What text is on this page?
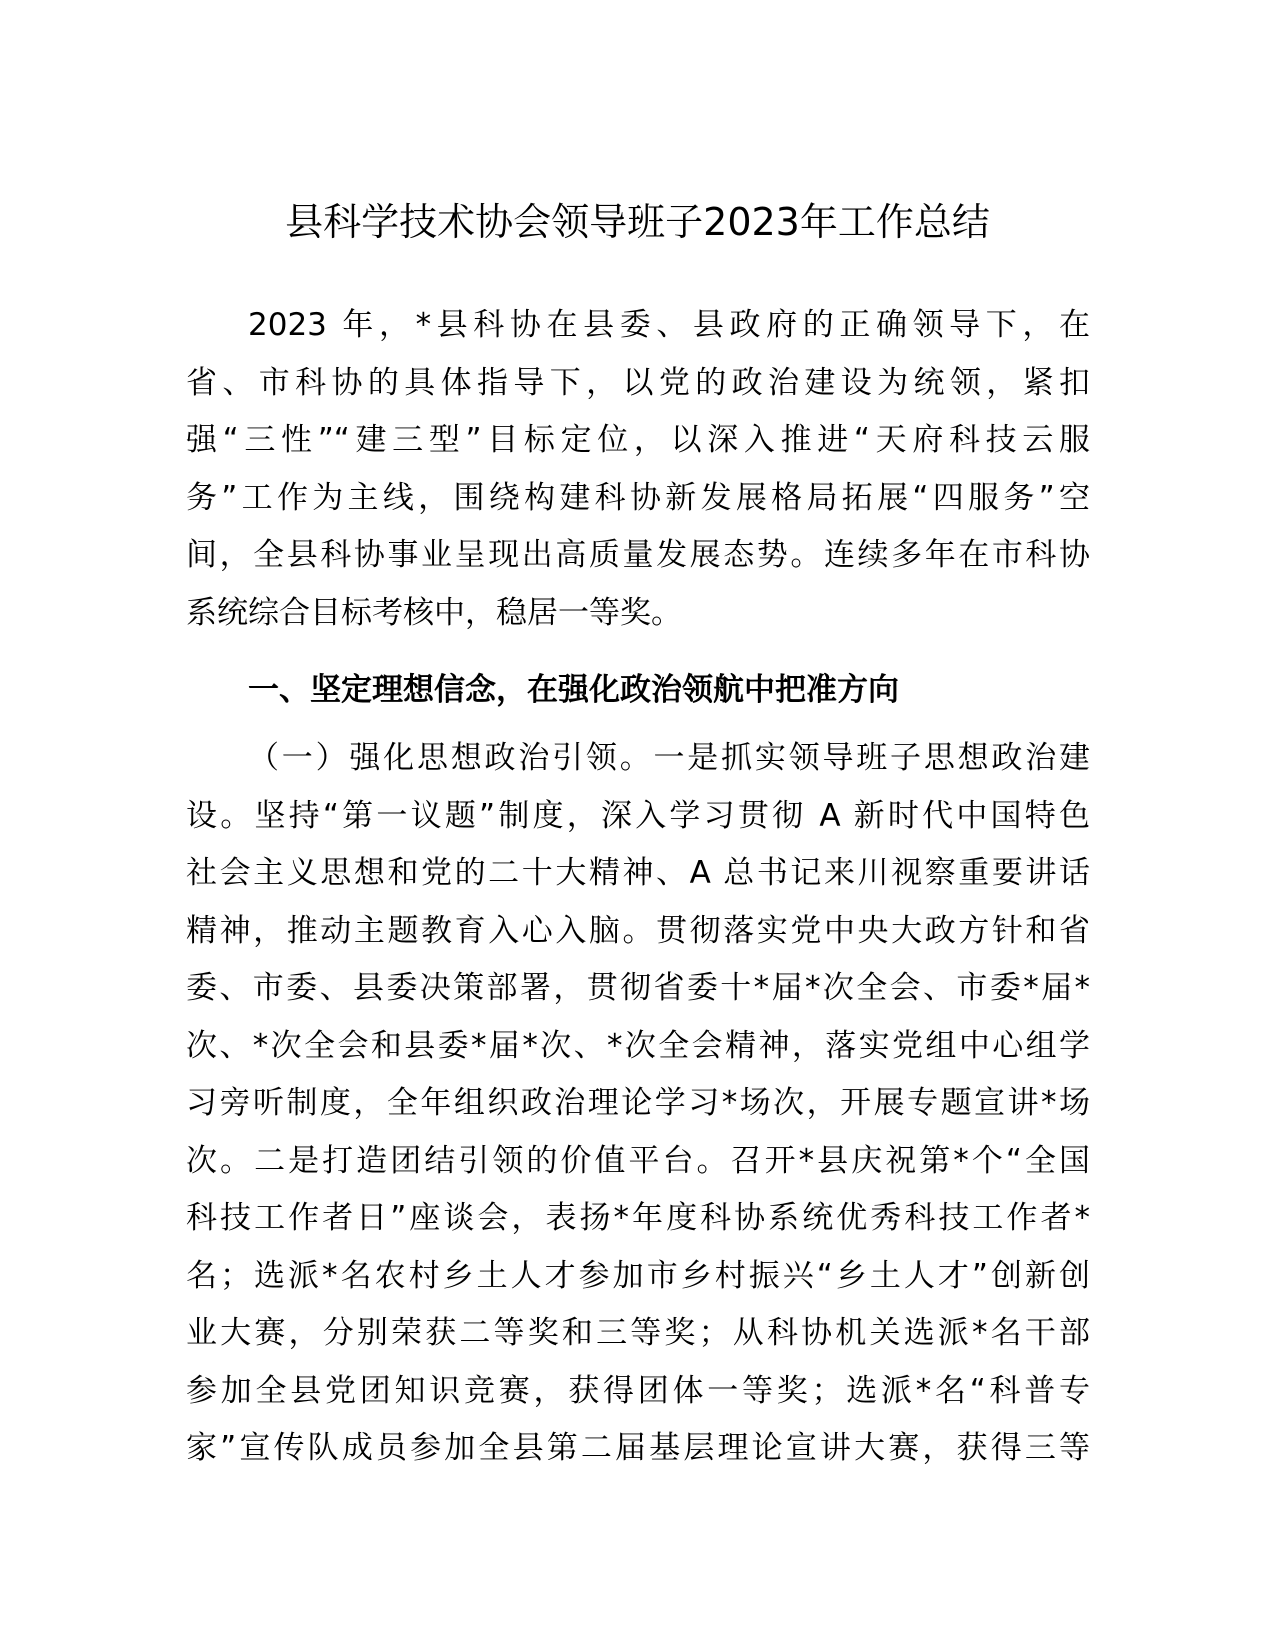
县科学技术协会领导班子2023年工作总结
2023 年，*县科协在县委、县政府的正确领导下，在
省、市科协的具体指导下，以党的政治建设为统领，紧扣
强“三性”“建三型”目标定位，以深入推进“天府科技云服
务”工作为主线，围绕构建科协新发展格局拓展“四服务”空
间，全县科协事业呈现出高质量发展态势。连续多年在市科协
系统综合目标考核中，稳居一等奖。
一、坚定理想信念，在强化政治领航中把准方向
（一）强化思想政治引领。一是抓实领导班子思想政治建
设。坚持“第一议题”制度，深入学习贯彻 A 新时代中国特色
社会主义思想和党的二十大精神、A 总书记来川视察重要讲话
精神，推动主题教育入心入脑。贯彻落实党中央大政方针和省
委、市委、县委决策部署，贯彻省委十*届*次全会、市委*届*
次、*次全会和县委*届*次、*次全会精神，落实党组中心组学
习旁听制度，全年组织政治理论学习*场次，开展专题宣讲*场
次。二是打造团结引领的价值平台。召开*县庆祝第*个“全国
科技工作者日”座谈会，表扬*年度科协系统优秀科技工作者*
名；选派*名农村乡土人才参加市乡村振兴“乡土人才”创新创
业大赛，分别荣获二等奖和三等奖；从科协机关选派*名干部
参加全县党团知识竞赛，获得团体一等奖；选派*名“科普专
家”宣传队成员参加全县第二届基层理论宣讲大赛，获得三等
